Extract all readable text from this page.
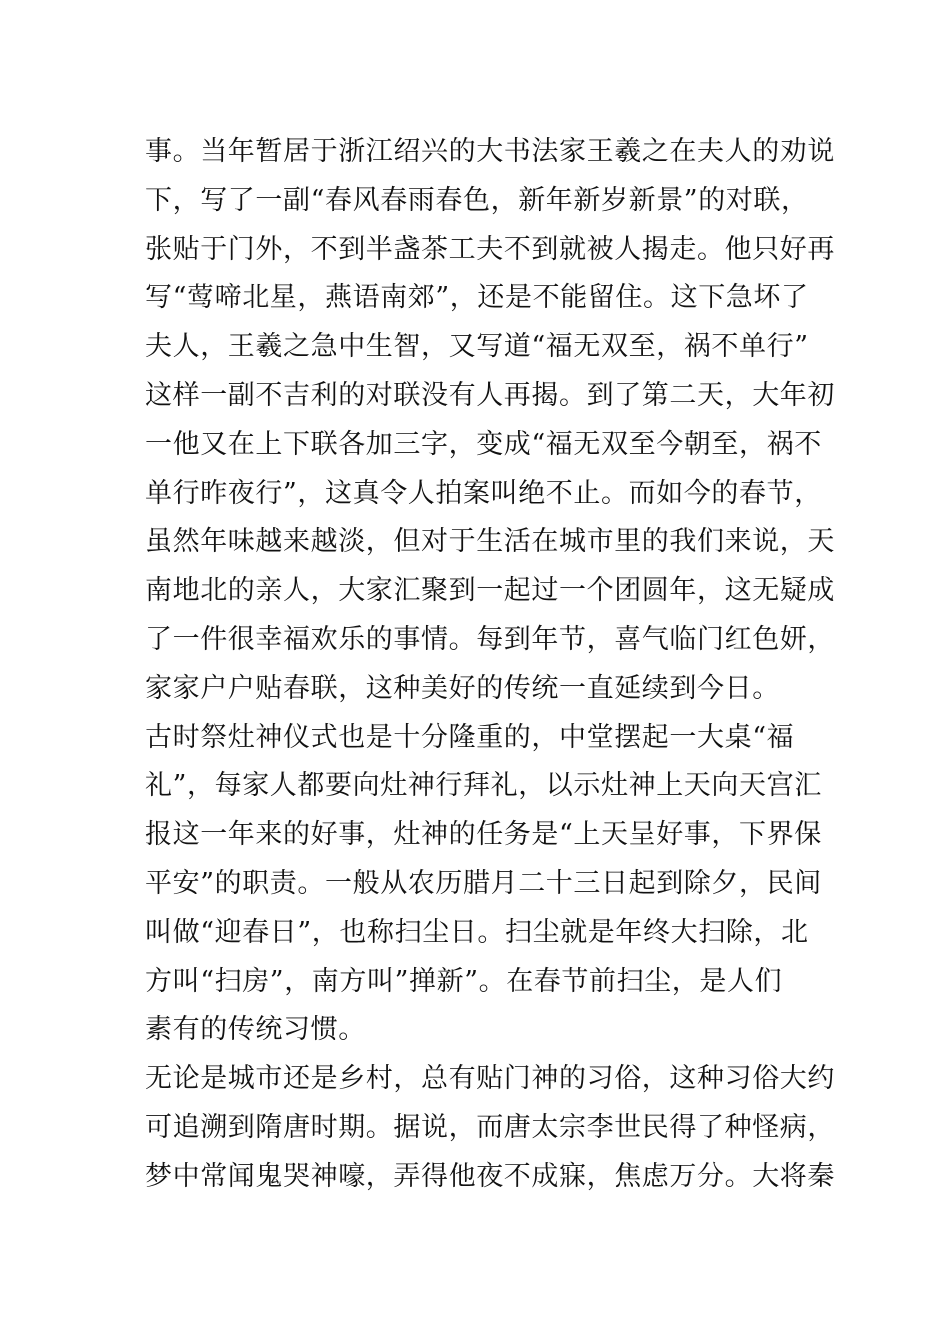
事。当年暂居于浙江绍兴的大书法家王羲之在夫人的劝说
下，写了一副“春风春雨春色，新年新岁新景”的对联，
张贴于门外，不到半盏茶工夫不到就被人揭走。他只好再
写“莺啼北星，燕语南郊”，还是不能留住。这下急坏了
夫人，王羲之急中生智，又写道“福无双至，祸不单行”
这样一副不吉利的对联没有人再揭。到了第二天，大年初
一他又在上下联各加三字，变成“福无双至今朝至，祸不
单行昨夜行”，这真令人拍案叫绝不止。而如今的春节，
虽然年味越来越淡，但对于生活在城市里的我们来说，天
南地北的亲人，大家汇聚到一起过一个团圆年，这无疑成
了一件很幸福欢乐的事情。每到年节，喜气临门红色妍，
家家户户贴春联，这种美好的传统一直延续到今日。
古时祭灶神仪式也是十分隆重的，中堂摆起一大桌“福
礼”，每家人都要向灶神行拜礼，以示灶神上天向天宫汇
报这一年来的好事，灶神的任务是“上天呈好事，下界保
平安”的职责。一般从农历腊月二十三日起到除夕，民间
叫做“迎春日”，也称扫尘日。扫尘就是年终大扫除，北
方叫“扫房”，南方叫”掸新”。在春节前扫尘，是人们
素有的传统习惯。
无论是城市还是乡村，总有贴门神的习俗，这种习俗大约
可追溯到隋唐时期。据说，而唐太宗李世民得了种怪病，
梦中常闻鬼哭神嚎，弄得他夜不成寐，焦虑万分。大将秦
